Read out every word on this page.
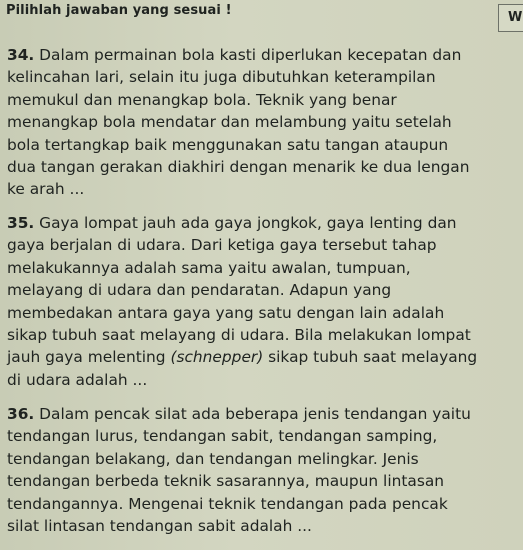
Pilihlah jawaban yang sesuai !	W
34. Dalam permainan bola kasti diperlukan kecepatan dan
kelincahan lari, selain itu juga dibutuhkan keterampilan
memukul dan menangkap bola. Teknik yang benar
menangkap bola mendatar dan melambung yaitu setelah
bola tertangkap baik menggunakan satu tangan ataupun
dua tangan gerakan diakhiri dengan menarik ke dua lengan
ke arah ...
35. Gaya lompat jauh ada gaya jongkok, gaya lenting dan
gaya berjalan di udara. Dari ketiga gaya tersebut tahap
melakukannya adalah sama yaitu awalan, tumpuan,
melayang di udara dan pendaratan. Adapun yang
membedakan antara gaya yang satu dengan lain adalah
sikap tubuh saat melayang di udara. Bila melakukan lompat
jauh gaya melenting (schnepper) sikap tubuh saat melayang
di udara adalah ...
36. Dalam pencak silat ada beberapa jenis tendangan yaitu
tendangan lurus, tendangan sabit, tendangan samping,
tendangan belakang, dan tendangan melingkar. Jenis
tendangan berbeda teknik sasarannya, maupun lintasan
tendangannya. Mengenai teknik tendangan pada pencak
silat lintasan tendangan sabit adalah ...
